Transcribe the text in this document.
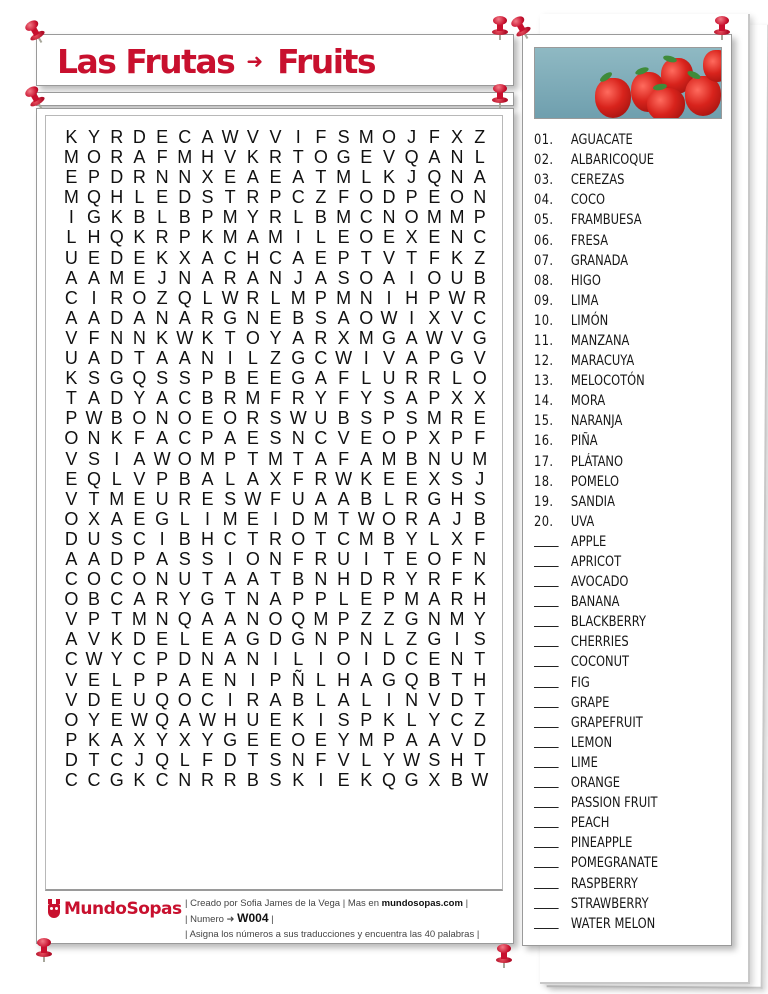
Las Frutas ➜ Fruits
K Y R D E C A W V V I F S M O J F X Z
M O R A F M H V K R T O G E V Q A N L
E P D R N N X E A E A T M L K J Q N A
M Q H L E D S T R P C Z F O D P E O N
I G K B L B P M Y R L B M C N O M M P
L H Q K R P K M A M I L E O E X E N C
U E D E K X A C H C A E P T V T F K Z
A A M E J N A R A N J A S O A I O U B
C I R O Z Q L W R L M P M N I H P W R
A A D A N A R G N E B S A O W I X V C
V F N N K W K T O Y A R X M G A W V G
U A D T A A N I L Z G C W I V A P G V
K S G Q S S P B E E G A F L U R R L O
T A D Y A C B R M F R Y F Y S A P X X
P W B O N O E O R S W U B S P S M R E
O N K F A C P A E S N C V E O P X P F
V S I A W O M P T M T A F A M B N U M
E Q L V P B A L A X F R W K E E X S J
V T M E U R E S W F U A A B L R G H S
O X A E G L I M E I D M T W O R A J B
D U S C I B H C T R O T C M B Y L X F
A A D P A S S I O N F R U I T E O F N
C O C O N U T A A T B N H D R Y R F K
O B C A R Y G T N A P P L E P M A R H
V P T M N Q A A N O Q M P Z Z G N M Y
A V K D E L E A G D G N P N L Z G I S
C W Y C P D N A N I L I O I D C E N T
V E L P P A E N I P Ñ L H A G Q B T H
V D E U Q O C I R A B L A L I N V D T
O Y E W Q A W H U E K I S P K L Y C Z
P K A X Y X Y G E E O E Y M P A A V D
D T C J Q L F D T S N F V L Y W S H T
C C G K C N R R B S K I E K Q G X B W
MundoSopas | Creado por Sofia James de la Vega | Mas en mundosopas.com |
| Numero ➜ W004 |
| Asigna los números a sus traducciones y encuentra las 40 palabras |
01.	AGUACATE
02.	ALBARICOQUE
03.	CEREZAS
04.	COCO
05.	FRAMBUESA
06.	FRESA
07.	GRANADA
08.	HIGO
09.	LIMA
10.	LIMÓN
11.	MANZANA
12.	MARACUYA
13.	MELOCOTÓN
14.	MORA
15.	NARANJA
16.	PIÑA
17.	PLÁTANO
18.	POMELO
19.	SANDIA
20.	UVA
APPLE
APRICOT
AVOCADO
BANANA
BLACKBERRY
CHERRIES
COCONUT
FIG
GRAPE
GRAPEFRUIT
LEMON
LIME
ORANGE
PASSION FRUIT
PEACH
PINEAPPLE
POMEGRANATE
RASPBERRY
STRAWBERRY
WATER MELON
